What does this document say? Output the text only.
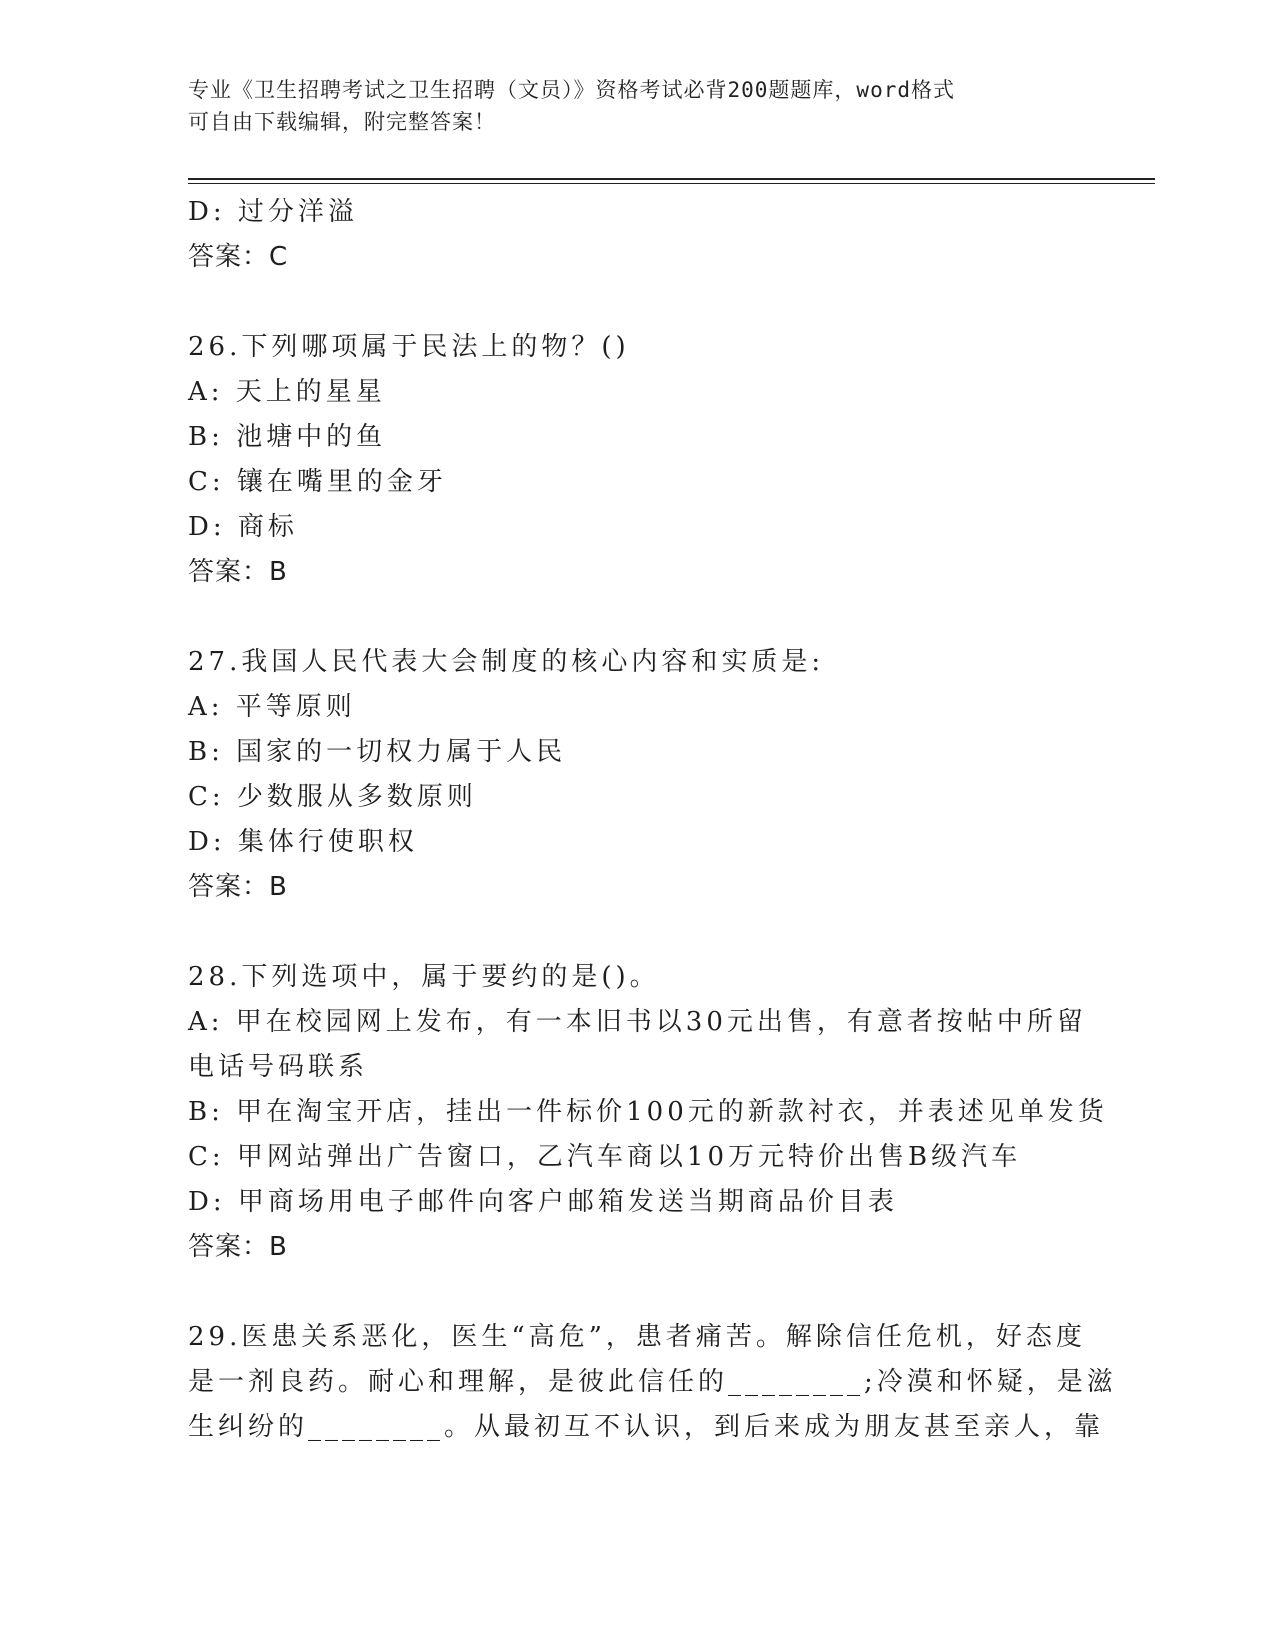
专业《卫生招聘考试之卫生招聘（文员）》资格考试必背200题题库，word格式
可自由下载编辑，附完整答案！
D: 过分洋溢
答案：C
26.下列哪项属于民法上的物？()
A: 天上的星星
B: 池塘中的鱼
C: 镶在嘴里的金牙
D: 商标
答案：B
27.我国人民代表大会制度的核心内容和实质是:
A: 平等原则
B: 国家的一切权力属于人民
C: 少数服从多数原则
D: 集体行使职权
答案：B
28.下列选项中，属于要约的是()。
A: 甲在校园网上发布，有一本旧书以30元出售，有意者按帖中所留
电话号码联系
B: 甲在淘宝开店，挂出一件标价100元的新款衬衣，并表述见单发货
C: 甲网站弹出广告窗口，乙汽车商以10万元特价出售B级汽车
D: 甲商场用电子邮件向客户邮箱发送当期商品价目表
答案：B
29.医患关系恶化，医生“高危”，患者痛苦。解除信任危机，好态度
是一剂良药。耐心和理解，是彼此信任的________;冷漠和怀疑，是滋
生纠纷的________。从最初互不认识，到后来成为朋友甚至亲人，靠
